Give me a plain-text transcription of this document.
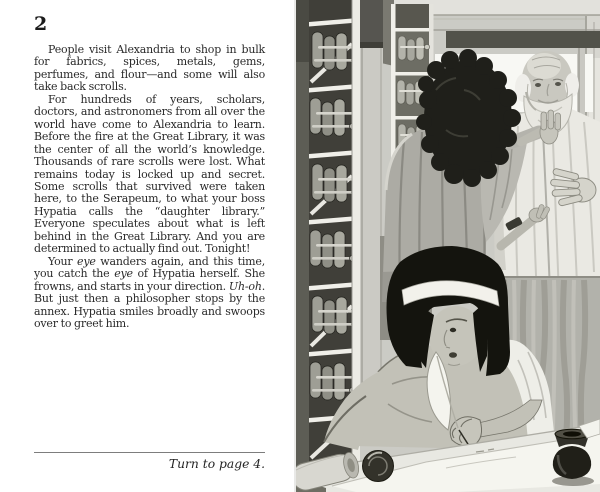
2

People visit Alexandria to shop in bulk for fabrics, spices, metals, gems, perfumes, and flour—and some will also take back scrolls.

For hundreds of years, scholars, doctors, and astronomers from all over the world have come to Alexandria to learn. Before the fire at the Great Library, it was the center of all the world’s knowledge. Thousands of rare scrolls were lost. What remains today is locked up and secret. Some scrolls that survived were taken here, to the Serapeum, to what your boss Hypatia calls the “daughter library.” Everyone speculates about what is left behind in the Great Library. And you are determined to actually find out. Tonight!

Your eye wanders again, and this time, you catch the eye of Hypatia herself. She frowns, and starts in your direction. Uh-oh. But just then a philosopher stops by the annex. Hypatia smiles broadly and swoops over to greet him.

Turn to page 4.
